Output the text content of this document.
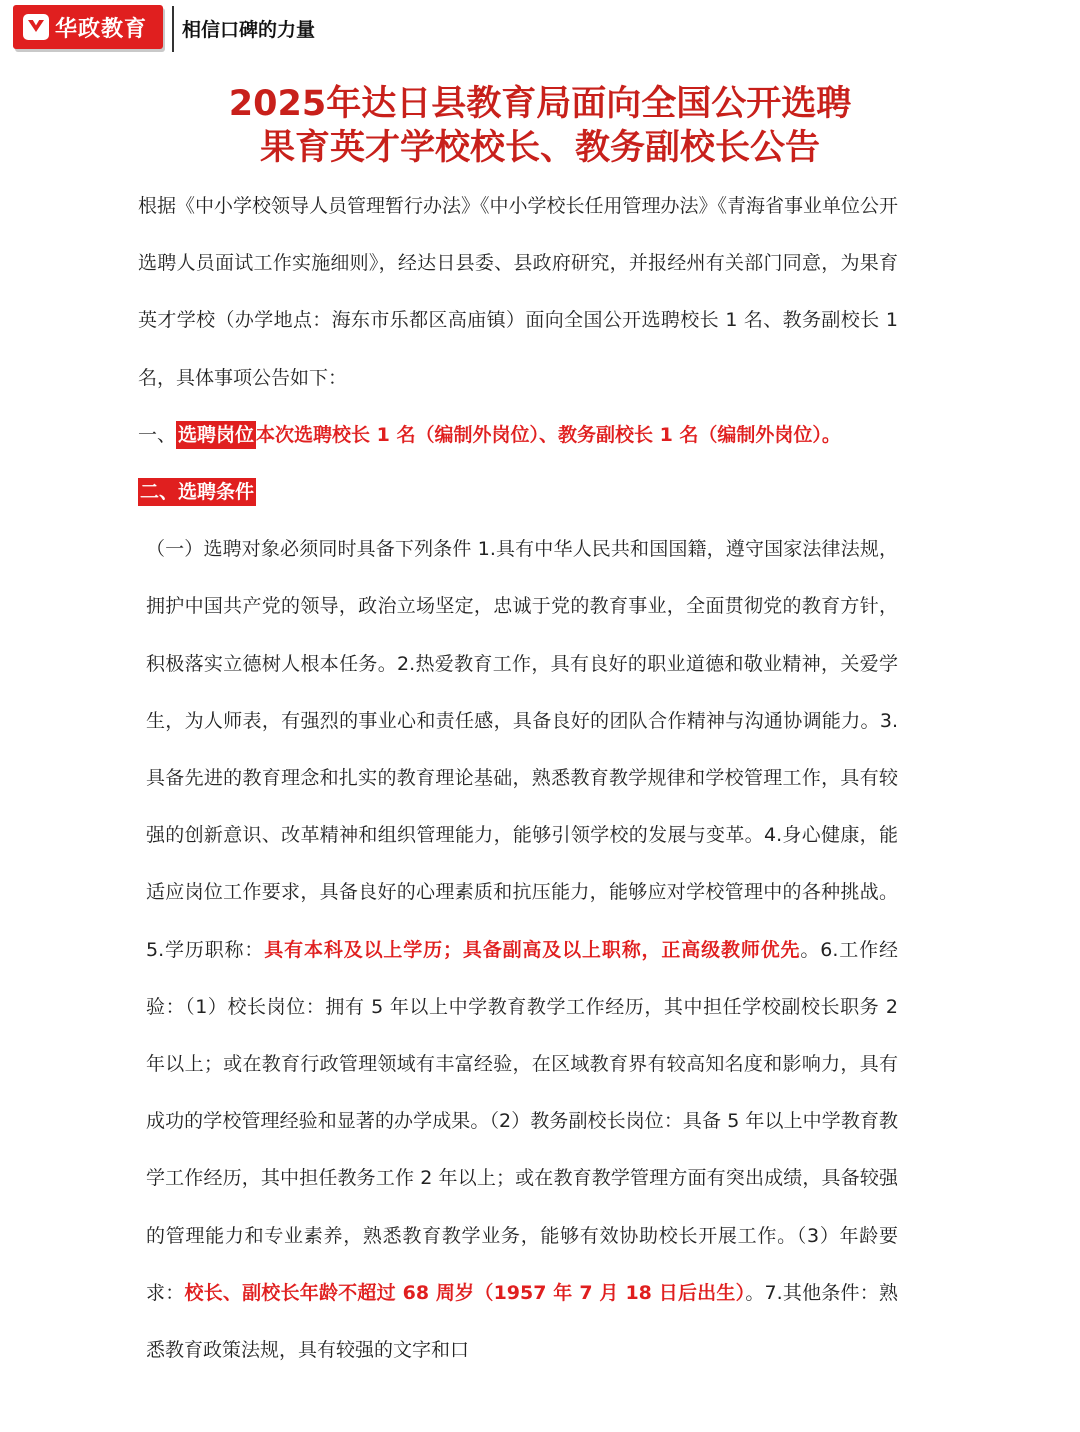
华政教育 相信口碑的力量
2025年达日县教育局面向全国公开选聘
果育英才学校校长、教务副校长公告

根据《中小学校领导人员管理暂行办法》《中小学校长任用管理办法》《青海省事业单位公开选聘人员面试工作实施细则》，经达日县委、县政府研究，并报经州有关部门同意，为果育英才学校（办学地点：海东市乐都区高庙镇）面向全国公开选聘校长 1 名、教务副校长 1 名，具体事项公告如下：

一、 选聘岗位 本次选聘校长 1 名（编制外岗位）、教务副校长 1 名（编制外岗位）。

二、选聘条件

（一）选聘对象必须同时具备下列条件 1.具有中华人民共和国国籍，遵守国家法律法规，拥护中国共产党的领导，政治立场坚定，忠诚于党的教育事业，全面贯彻党的教育方针，积极落实立德树人根本任务。2.热爱教育工作，具有良好的职业道德和敬业精神，关爱学生，为人师表，有强烈的事业心和责任感，具备良好的团队合作精神与沟通协调能力。3.具备先进的教育理念和扎实的教育理论基础，熟悉教育教学规律和学校管理工作，具有较强的创新意识、改革精神和组织管理能力，能够引领学校的发展与变革。4.身心健康，能适应岗位工作要求，具备良好的心理素质和抗压能力，能够应对学校管理中的各种挑战。5.学历职称：具有本科及以上学历；具备副高及以上职称，正高级教师优先。6.工作经验：（1）校长岗位：拥有 5 年以上中学教育教学工作经历，其中担任学校副校长职务 2 年以上；或在教育行政管理领域有丰富经验，在区域教育界有较高知名度和影响力，具有成功的学校管理经验和显著的办学成果。（2）教务副校长岗位：具备 5 年以上中学教育教学工作经历，其中担任教务工作 2 年以上；或在教育教学管理方面有突出成绩，具备较强的管理能力和专业素养，熟悉教育教学业务，能够有效协助校长开展工作。（3）年龄要求：校长、副校长年龄不超过 68 周岁（1957 年 7 月 18 日后出生）。7.其他条件：熟悉教育政策法规，具有较强的文字和口
